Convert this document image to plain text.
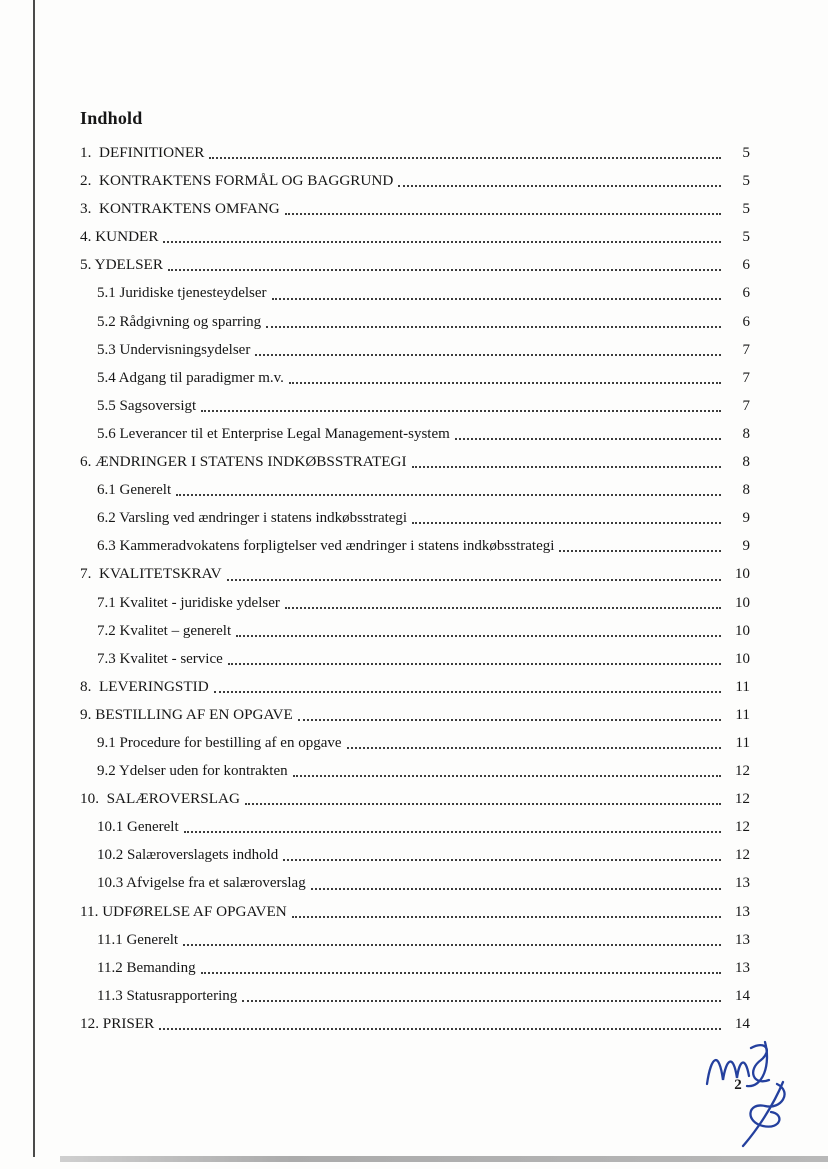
Indhold
1.  DEFINITIONER	5
2.  KONTRAKTENS FORMÅL OG BAGGRUND	5
3.  KONTRAKTENS OMFANG	5
4. KUNDER	5
5. YDELSER	6
5.1 Juridiske tjenesteydelser	6
5.2 Rådgivning og sparring	6
5.3 Undervisningsydelser	7
5.4 Adgang til paradigmer m.v.	7
5.5 Sagsoversigt	7
5.6 Leverancer til et Enterprise Legal Management-system	8
6. ÆNDRINGER I STATENS INDKØBSSTRATEGI	8
6.1 Generelt	8
6.2 Varsling ved ændringer i statens indkøbsstrategi	9
6.3 Kammeradvokatens forpligtelser ved ændringer i statens indkøbsstrategi	9
7.  KVALITETSKRAV	10
7.1 Kvalitet - juridiske ydelser	10
7.2 Kvalitet – generelt	10
7.3 Kvalitet - service	10
8.  LEVERINGSTID	11
9. BESTILLING AF EN OPGAVE	11
9.1 Procedure for bestilling af en opgave	11
9.2 Ydelser uden for kontrakten	12
10.  SALÆROVERSLAG	12
10.1 Generelt	12
10.2 Salæroverslagets indhold	12
10.3 Afvigelse fra et salæroverslag	13
11. UDFØRELSE AF OPGAVEN	13
11.1 Generelt	13
11.2 Bemanding	13
11.3 Statusrapportering	14
12. PRISER	14
2
